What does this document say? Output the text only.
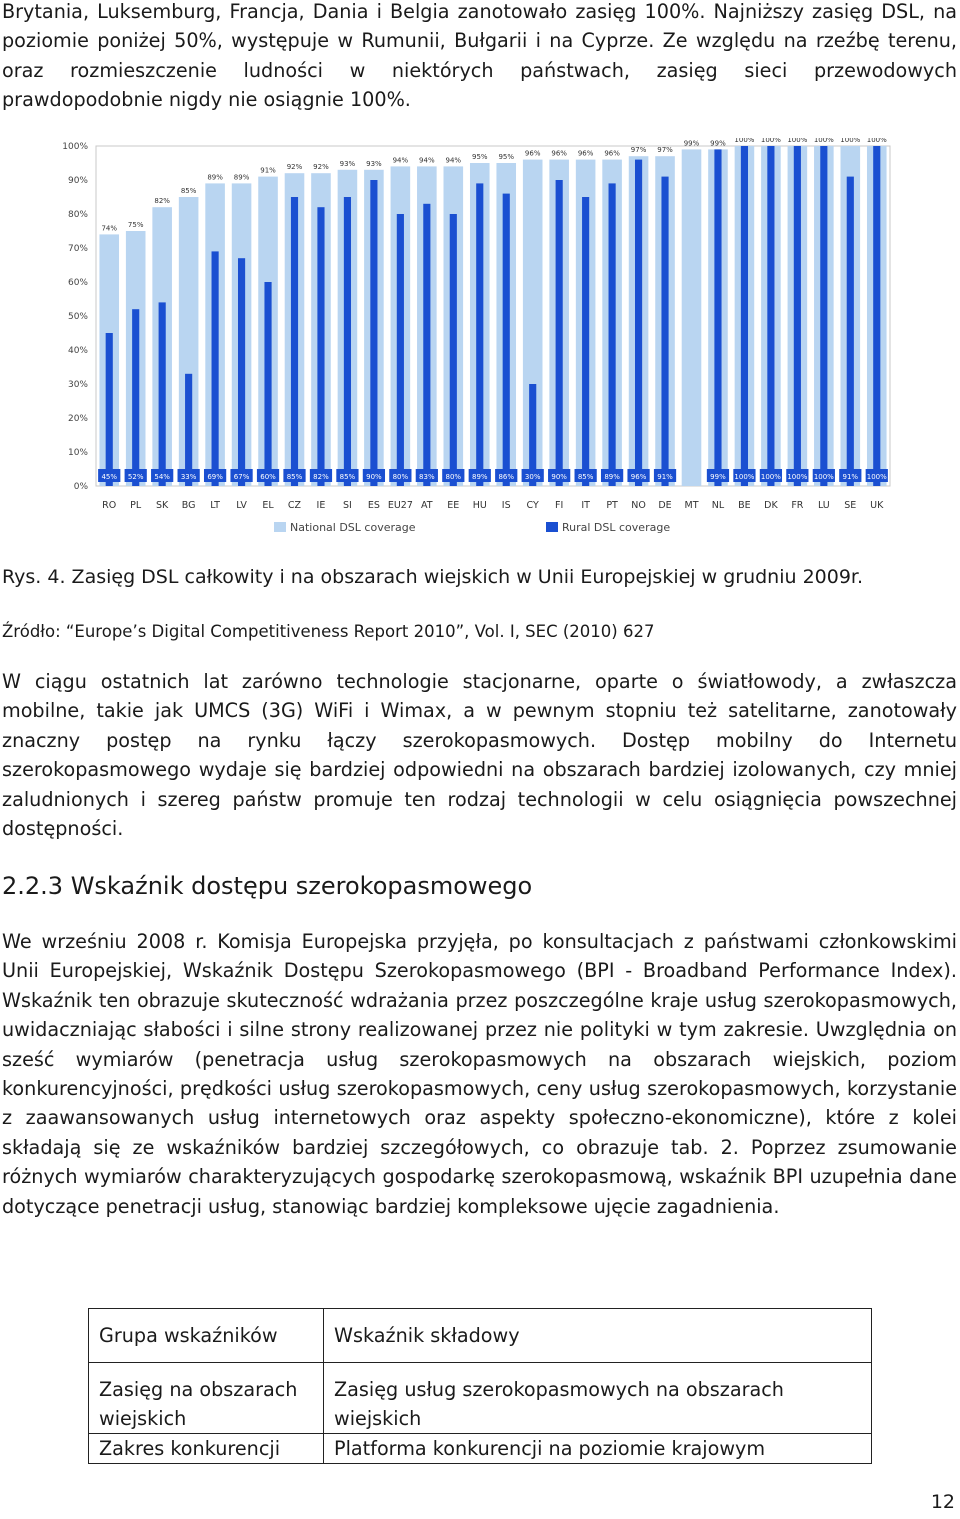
Brytania, Luksemburg, Francja, Dania i Belgia zanotowało zasięg 100%. Najniższy zasięg DSL, na poziomie poniżej 50%, występuje w Rumunii, Bułgarii i na Cyprze. Ze względu na rzeźbę terenu, oraz rozmieszczenie ludności w niektórych państwach, zasięg sieci przewodowych prawdopodobnie nigdy nie osiągnie 100%.

0%
10%
20%
30%
40%
50%
60%
70%
80%
90%
100%
74%
45%
RO
75%
52%
PL
82%
54%
SK
85%
33%
BG
89%
69%
LT
89%
67%
LV
91%
60%
EL
92%
85%
CZ
92%
82%
IE
93%
85%
SI
93%
90%
ES
94%
80%
EU27
94%
83%
AT
94%
80%
EE
95%
89%
HU
95%
86%
IS
96%
30%
CY
96%
90%
FI
96%
85%
IT
96%
89%
PT
97%
96%
NO
97%
91%
DE
99%
MT
99%
99%
NL
100%
100%
BE
100%
100%
DK
100%
100%
FR
100%
100%
LU
100%
91%
SE
100%
100%
UK
National DSL coverage	Rural DSL coverage

Rys. 4. Zasięg DSL całkowity i na obszarach wiejskich w Unii Europejskiej w grudniu 2009r.

Źródło: “Europe’s Digital Competitiveness Report 2010”, Vol. I, SEC (2010) 627

W ciągu ostatnich lat zarówno technologie stacjonarne, oparte o światłowody, a zwłaszcza mobilne, takie jak UMCS (3G) WiFi i Wimax, a w pewnym stopniu też satelitarne, zanotowały znaczny postęp na rynku łączy szerokopasmowych. Dostęp mobilny do Internetu szerokopasmowego wydaje się bardziej odpowiedni na obszarach bardziej izolowanych, czy mniej zaludnionych i szereg państw promuje ten rodzaj technologii w celu osiągnięcia powszechnej dostępności.

2.2.3 Wskaźnik dostępu szerokopasmowego

We wrześniu 2008 r. Komisja Europejska przyjęła, po konsultacjach z państwami członkowskimi Unii Europejskiej, Wskaźnik Dostępu Szerokopasmowego (BPI - Broadband Performance Index). Wskaźnik ten obrazuje skuteczność wdrażania przez poszczególne kraje usług szerokopasmowych, uwidaczniając słabości i silne strony realizowanej przez nie polityki w tym zakresie. Uwzględnia on sześć wymiarów (penetracja usług szerokopasmowych na obszarach wiejskich, poziom konkurencyjności, prędkości usług szerokopasmowych, ceny usług szerokopasmowych, korzystanie z zaawansowanych usług internetowych oraz aspekty społeczno-ekonomiczne), które z kolei składają się ze wskaźników bardziej szczegółowych, co obrazuje tab. 2. Poprzez zsumowanie różnych wymiarów charakteryzujących gospodarkę szerokopasmową, wskaźnik BPI uzupełnia dane dotyczące penetracji usług, stanowiąc bardziej kompleksowe ujęcie zagadnienia.

Grupa wskaźników	Wskaźnik składowy
Zasięg na obszarach wiejskich	Zasięg usług szerokopasmowych na obszarach wiejskich
Zakres konkurencji	Platforma konkurencji na poziomie krajowym
12
